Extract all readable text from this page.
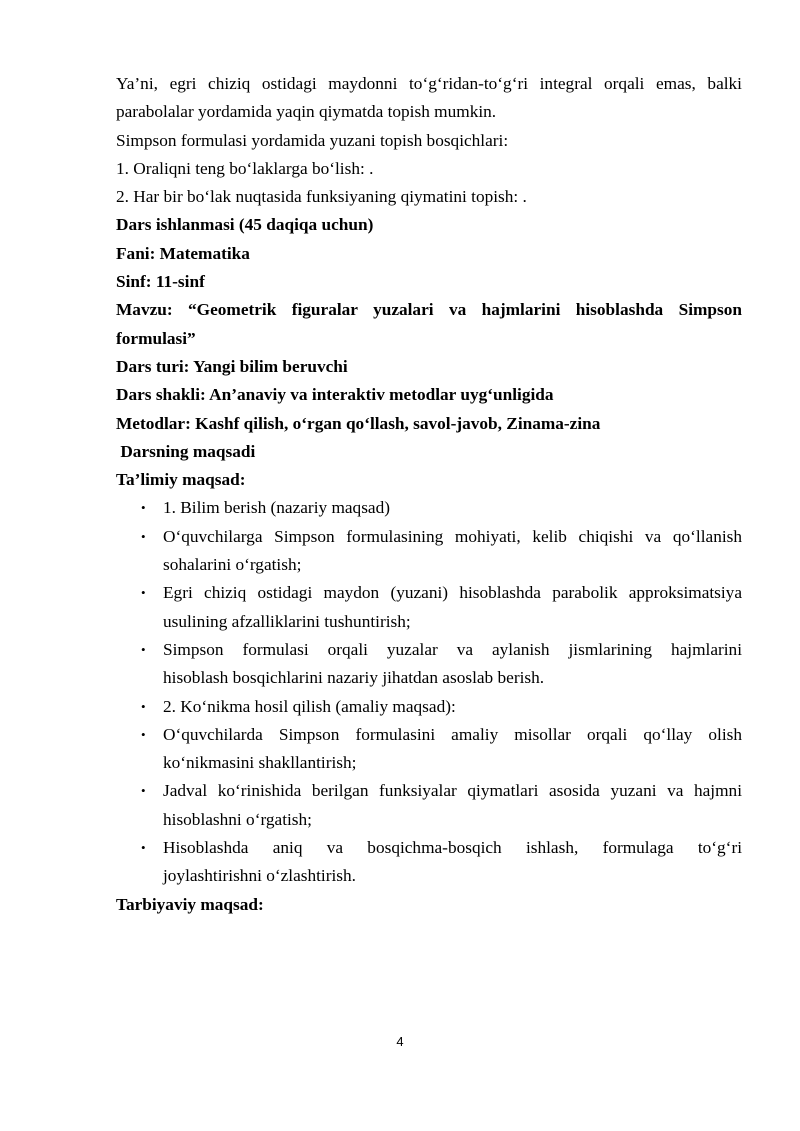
Ya’ni, egri chiziq ostidagi maydonni to‘g‘ridan-to‘g‘ri integral orqali emas, balki

parabolalar yordamida yaqin qiymatda topish mumkin.

Simpson formulasi yordamida yuzani topish bosqichlari:

1. Oraliqni teng bo‘laklarga bo‘lish: .

2. Har bir bo‘lak nuqtasida funksiyaning qiymatini topish: .

Dars ishlanmasi (45 daqiqa uchun)

Fani: Matematika

Sinf: 11-sinf

Mavzu: “Geometrik figuralar yuzalari va hajmlarini hisoblashda Simpson

formulasi”

Dars turi: Yangi bilim beruvchi

Dars shakli: An’anaviy va interaktiv metodlar uyg‘unligida

Metodlar: Kashf qilish, o‘rgan qo‘llash, savol-javob, Zinama-zina

Darsning maqsadi

Ta’limiy maqsad:

• 1. Bilim berish (nazariy maqsad)
• O‘quvchilarga Simpson formulasining mohiyati, kelib chiqishi va qo‘llanish
sohalarini o‘rgatish;
• Egri chiziq ostidagi maydon (yuzani) hisoblashda parabolik approksimatsiya
usulining afzalliklarini tushuntirish;
• Simpson formulasi orqali yuzalar va aylanish jismlarining hajmlarini
hisoblash bosqichlarini nazariy jihatdan asoslab berish.
• 2. Ko‘nikma hosil qilish (amaliy maqsad):
• O‘quvchilarda Simpson formulasini amaliy misollar orqali qo‘llay olish
ko‘nikmasini shakllantirish;
• Jadval ko‘rinishida berilgan funksiyalar qiymatlari asosida yuzani va hajmni
hisoblashni o‘rgatish;
• Hisoblashda aniq va bosqichma-bosqich ishlash, formulaga to‘g‘ri
joylashtirishni o‘zlashtirish.

Tarbiyaviy maqsad:

4
